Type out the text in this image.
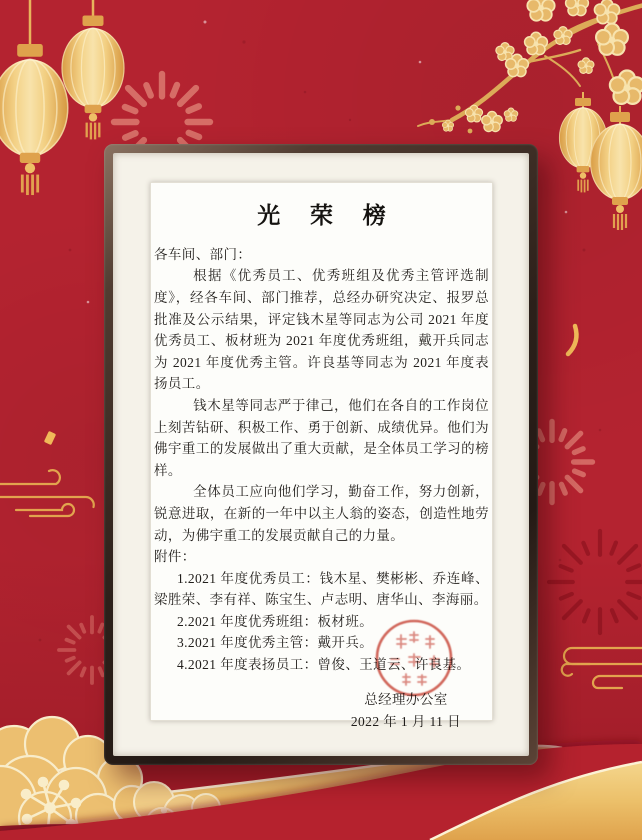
光 荣 榜

各车间、部门：

根据《优秀员工、优秀班组及优秀主管评选制度》，经各车间、部门推荐，总经办研究决定、报罗总批准及公示结果，评定钱木星等同志为公司 2021 年度优秀员工、板材班为 2021 年度优秀班组，戴开兵同志为 2021 年度优秀主管。许良基等同志为 2021 年度表扬员工。

钱木星等同志严于律己，他们在各自的工作岗位上刻苦钻研、积极工作、勇于创新、成绩优异。他们为佛宇重工的发展做出了重大贡献，是全体员工学习的榜样。

全体员工应向他们学习，勤奋工作，努力创新，锐意进取，在新的一年中以主人翁的姿态，创造性地劳动，为佛宇重工的发展贡献自己的力量。

附件：

1.2021 年度优秀员工：钱木星、樊彬彬、乔连峰、梁胜荣、李有祥、陈宝生、卢志明、唐华山、李海丽。

2.2021 年度优秀班组：板材班。

3.2021 年度优秀主管：戴开兵。

4.2021 年度表扬员工：曾俊、王道云、许良基。

总经理办公室
2022 年 1 月 11 日
